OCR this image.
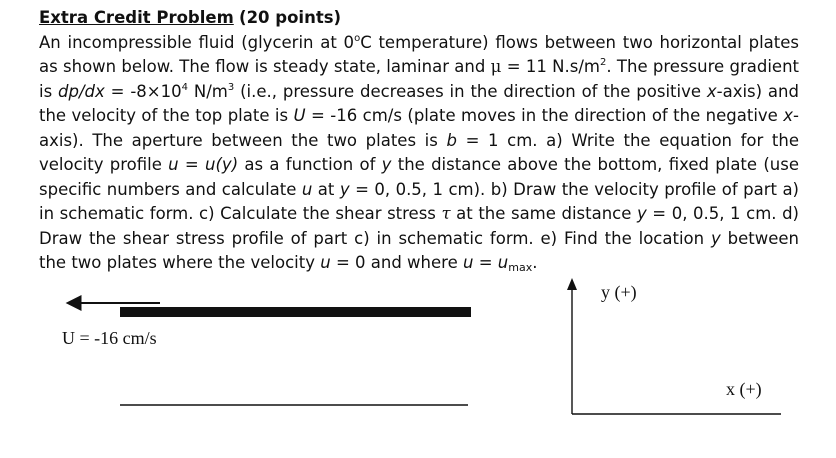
Extra Credit Problem (20 points)
An incompressible fluid (glycerin at 0$^o$C temperature) flows between two horizontal plates as shown below. The flow is steady state, laminar and μ = 11 $N.s/m^2$. The pressure gradient is $dp/dx = -8\times 10^4$ $N/m^3$ (i.e., pressure decreases in the direction of the positive x-axis) and the velocity of the top plate is U = -16 cm/s (plate moves in the direction of the negative x-axis). The aperture between the two plates is b = 1 cm. a) Write the equation for the velocity profile u = u(y) as a function of y the distance above the bottom, fixed plate (use specific numbers and calculate u at y = 0, 0.5, 1 cm). b) Draw the velocity profile of part a) in schematic form. c) Calculate the shear stress τ at the same distance y = 0, 0.5, 1 cm. d) Draw the shear stress profile of part c) in schematic form. e) Find the location y between the two plates where the velocity u = 0 and where $u = u_{max}$.
U = -16 cm/s
y (+)
x (+)
